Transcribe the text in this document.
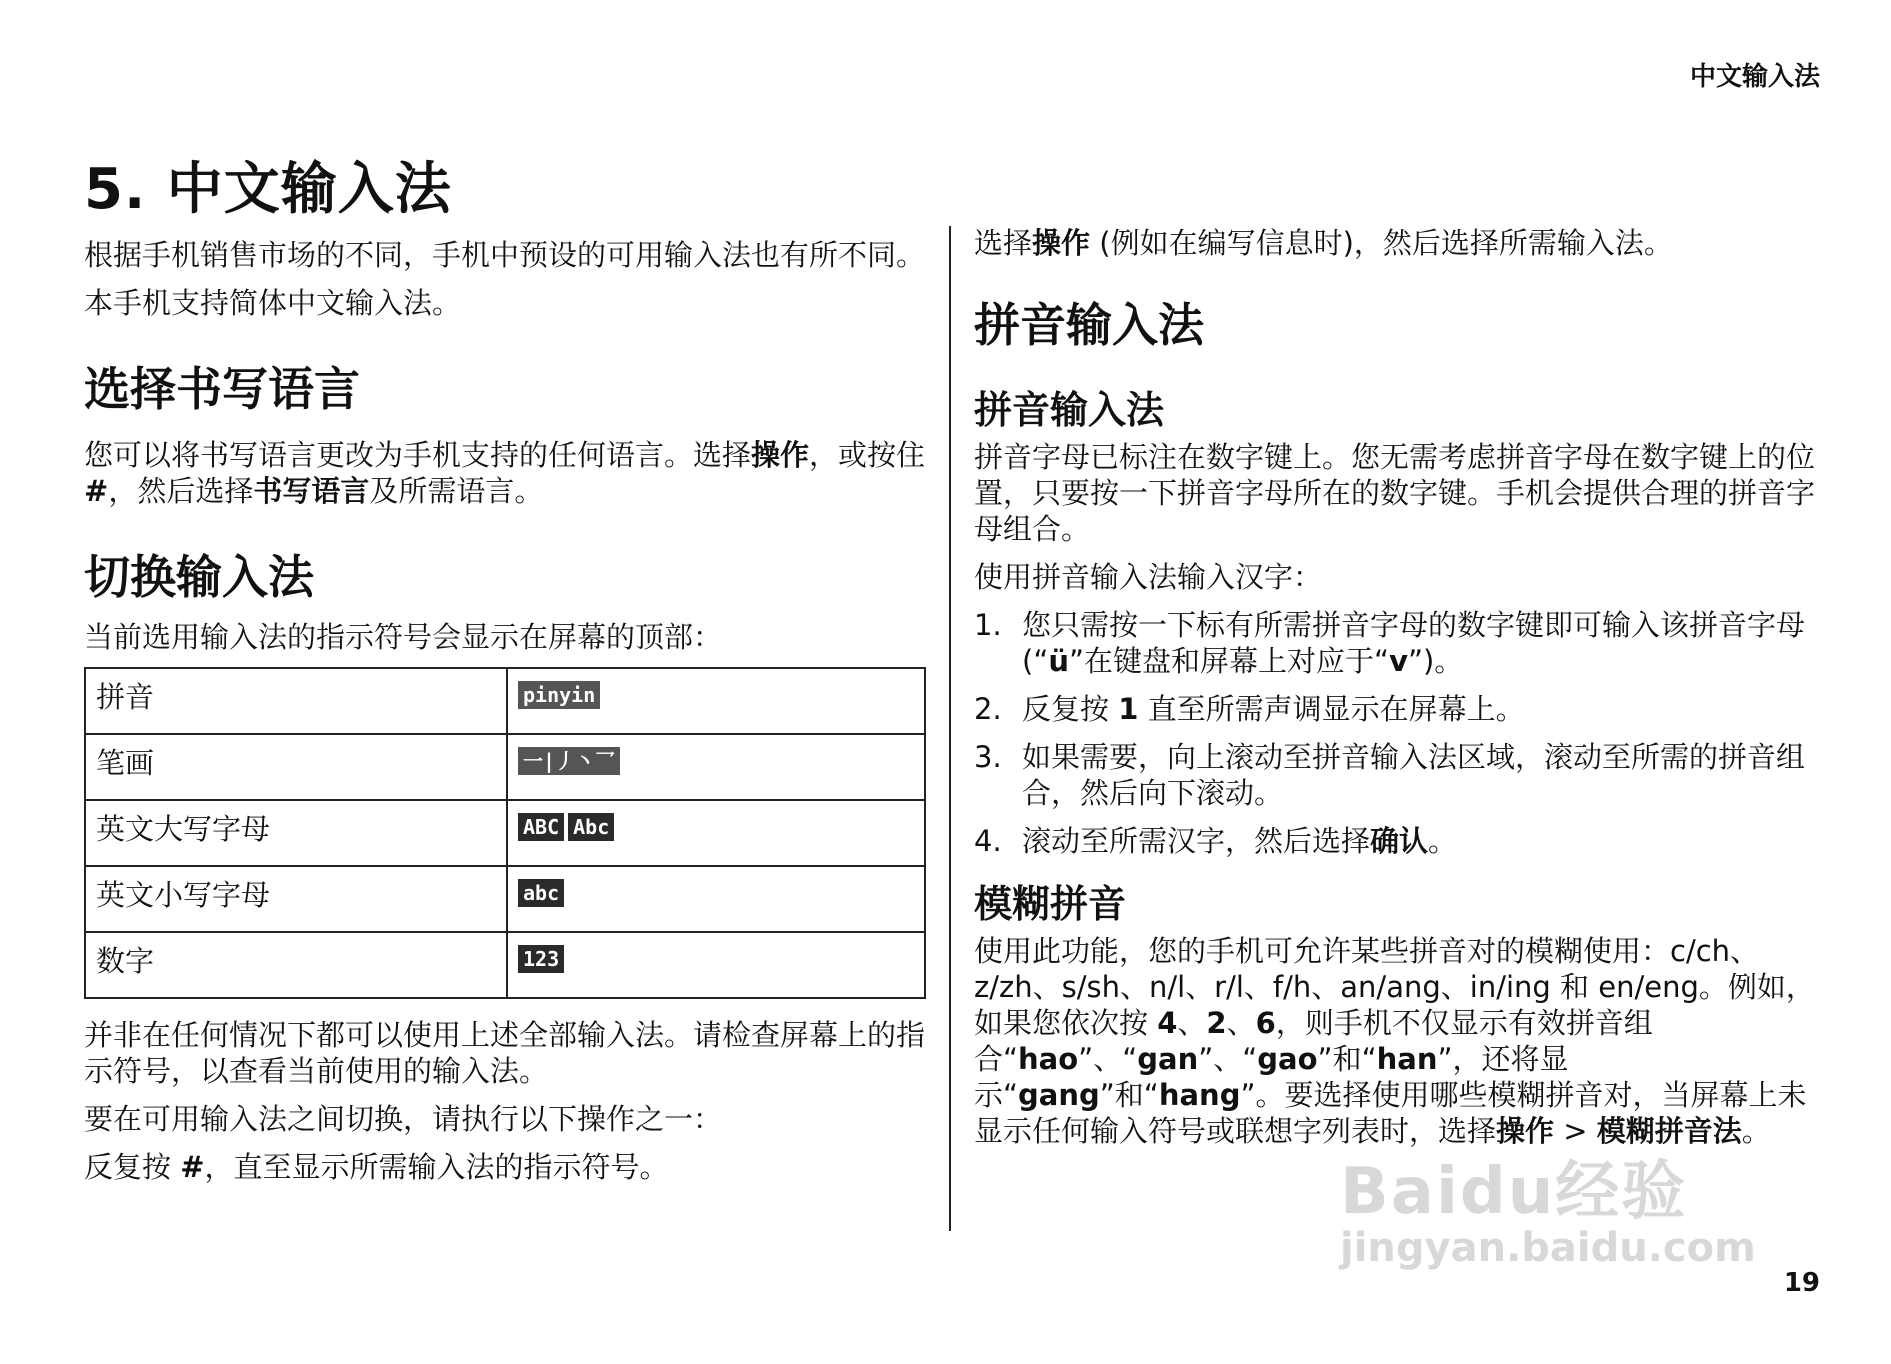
中文输入法
5. 中文输入法

根据手机销售市场的不同，手机中预设的可用输入法也有所不同。

本手机支持简体中文输入法。

选择书写语言

您可以将书写语言更改为手机支持的任何语言。选择操作，或按住 #，然后选择书写语言及所需语言。

切换输入法

当前选用输入法的指示符号会显示在屏幕的顶部：

拼音	pinyin
笔画	一|丿丶乛
英文大写字母	ABC Abc
英文小写字母	abc
数字	123

并非在任何情况下都可以使用上述全部输入法。请检查屏幕上的指示符号，以查看当前使用的输入法。

要在可用输入法之间切换，请执行以下操作之一：

反复按 #，直至显示所需输入法的指示符号。

选择操作 (例如在编写信息时)，然后选择所需输入法。

拼音输入法
拼音输入法

拼音字母已标注在数字键上。您无需考虑拼音字母在数字键上的位置，只要按一下拼音字母所在的数字键。手机会提供合理的拼音字母组合。

使用拼音输入法输入汉字：

1. 您只需按一下标有所需拼音字母的数字键即可输入该拼音字母 (“ü”在键盘和屏幕上对应于“v”)。
2. 反复按 1 直至所需声调显示在屏幕上。
3. 如果需要，向上滚动至拼音输入法区域，滚动至所需的拼音组合，然后向下滚动。
4. 滚动至所需汉字，然后选择确认。
模糊拼音

使用此功能，您的手机可允许某些拼音对的模糊使用：c/ch、z/zh、s/sh、n/l、r/l、f/h、an/ang、in/ing 和 en/eng。例如，如果您依次按 4、2、6，则手机不仅显示有效拼音组合“hao”、“gan”、“gao”和“han”，还将显示“gang”和“hang”。要选择使用哪些模糊拼音对，当屏幕上未显示任何输入符号或联想字列表时，选择操作 > 模糊拼音法。

Baidu经验
jingyan.baidu.com
19
